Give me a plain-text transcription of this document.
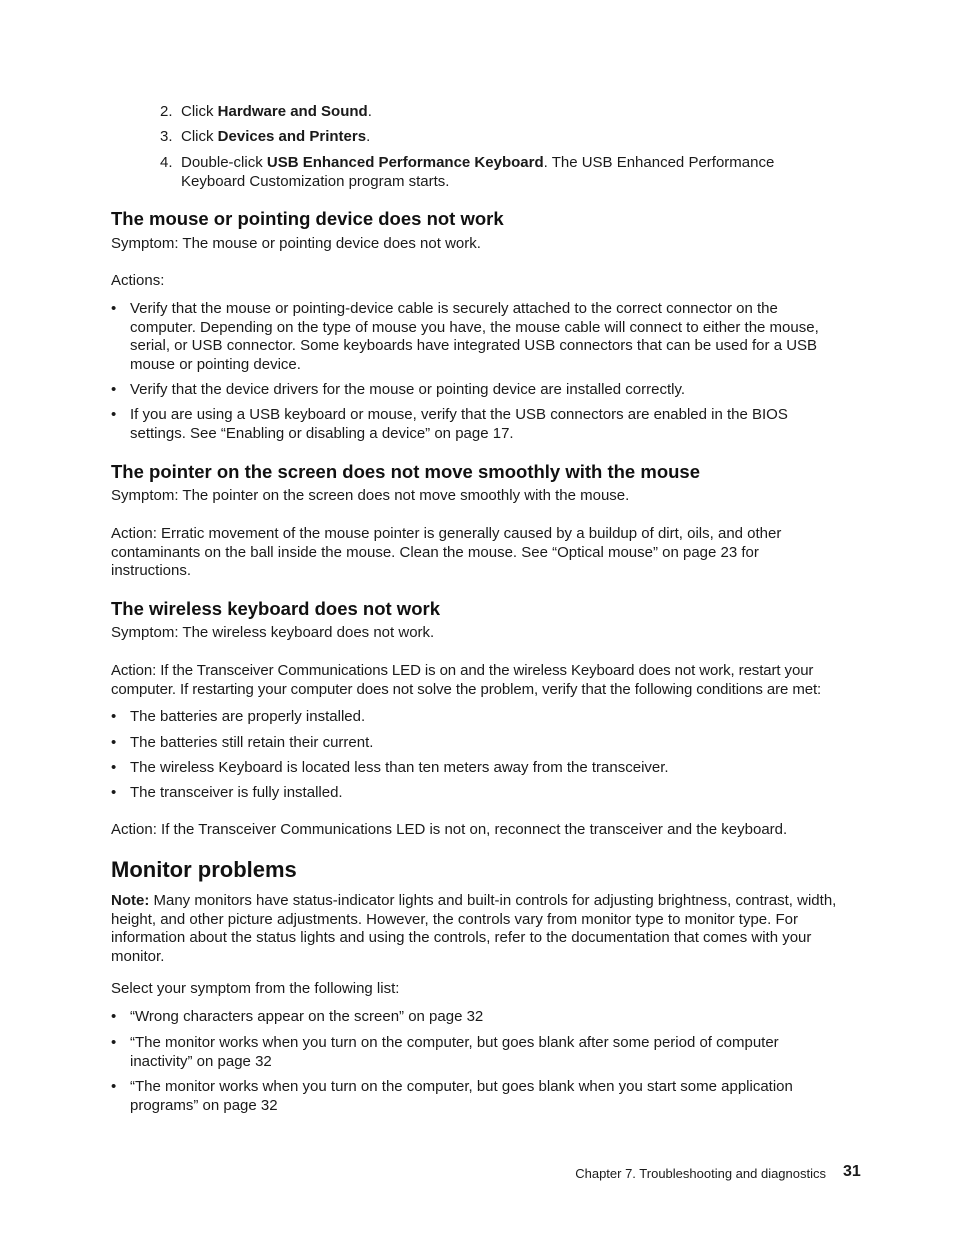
2. Click Hardware and Sound.

3. Click Devices and Printers.

4. Double-click USB Enhanced Performance Keyboard. The USB Enhanced Performance Keyboard Customization program starts.

The mouse or pointing device does not work

Symptom: The mouse or pointing device does not work.

Actions:

• Verify that the mouse or pointing-device cable is securely attached to the correct connector on the computer. Depending on the type of mouse you have, the mouse cable will connect to either the mouse, serial, or USB connector. Some keyboards have integrated USB connectors that can be used for a USB mouse or pointing device.

• Verify that the device drivers for the mouse or pointing device are installed correctly.

• If you are using a USB keyboard or mouse, verify that the USB connectors are enabled in the BIOS settings. See “Enabling or disabling a device” on page 17.

The pointer on the screen does not move smoothly with the mouse

Symptom: The pointer on the screen does not move smoothly with the mouse.

Action: Erratic movement of the mouse pointer is generally caused by a buildup of dirt, oils, and other contaminants on the ball inside the mouse. Clean the mouse. See “Optical mouse” on page 23 for instructions.

The wireless keyboard does not work

Symptom: The wireless keyboard does not work.

Action: If the Transceiver Communications LED is on and the wireless Keyboard does not work, restart your computer. If restarting your computer does not solve the problem, verify that the following conditions are met:

• The batteries are properly installed.

• The batteries still retain their current.

• The wireless Keyboard is located less than ten meters away from the transceiver.

• The transceiver is fully installed.

Action: If the Transceiver Communications LED is not on, reconnect the transceiver and the keyboard.

Monitor problems

Note: Many monitors have status-indicator lights and built-in controls for adjusting brightness, contrast, width, height, and other picture adjustments. However, the controls vary from monitor type to monitor type. For information about the status lights and using the controls, refer to the documentation that comes with your monitor.

Select your symptom from the following list:

• “Wrong characters appear on the screen” on page 32

• “The monitor works when you turn on the computer, but goes blank after some period of computer inactivity” on page 32

• “The monitor works when you turn on the computer, but goes blank when you start some application programs” on page 32

Chapter 7. Troubleshooting and diagnostics 31
